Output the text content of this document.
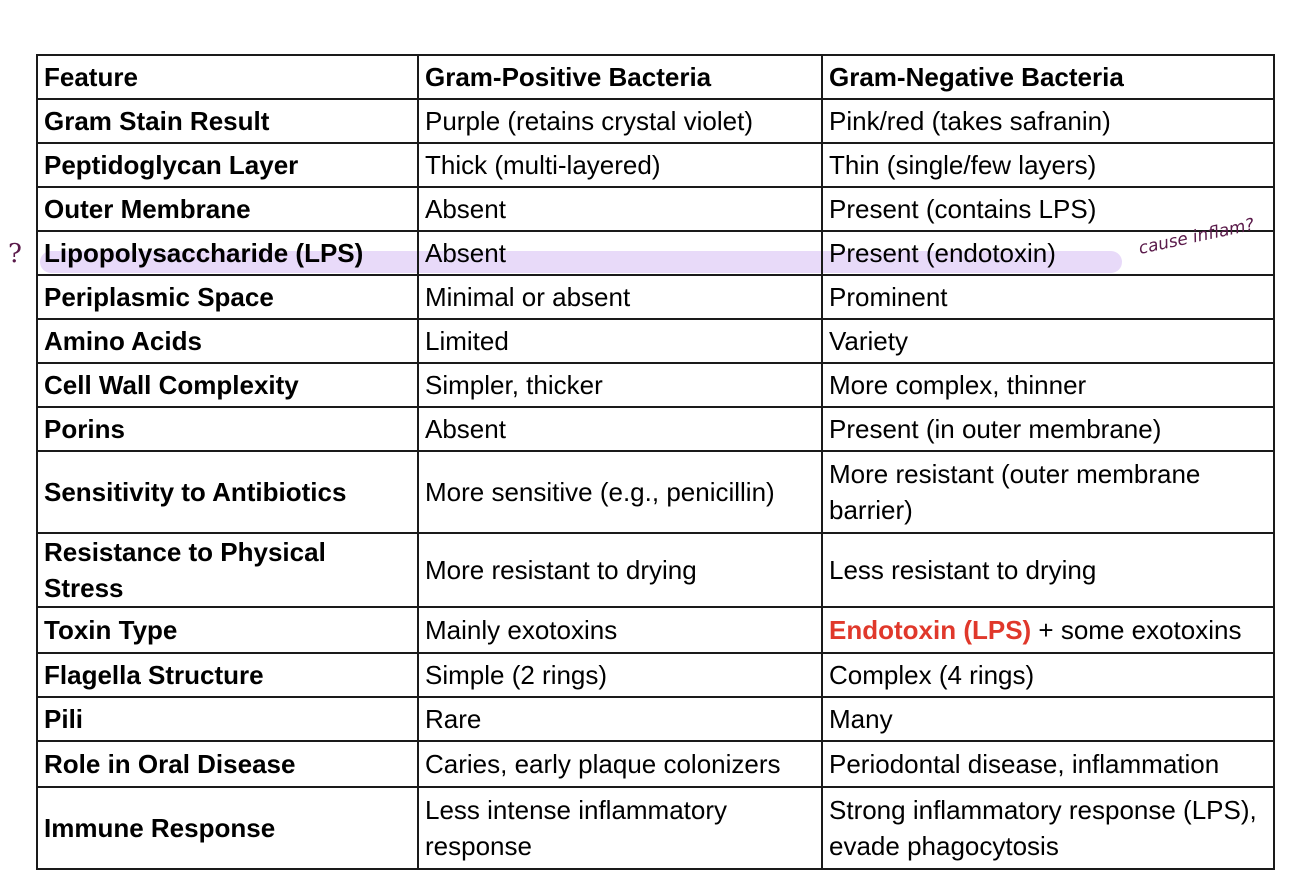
Feature	Gram-Positive Bacteria	Gram-Negative Bacteria
Gram Stain Result	Purple (retains crystal violet)	Pink/red (takes safranin)
Peptidoglycan Layer	Thick (multi-layered)	Thin (single/few layers)
Outer Membrane	Absent	Present (contains LPS)
Lipopolysaccharide (LPS)	Absent	Present (endotoxin)
Periplasmic Space	Minimal or absent	Prominent
Amino Acids	Limited	Variety
Cell Wall Complexity	Simpler, thicker	More complex, thinner
Porins	Absent	Present (in outer membrane)
Sensitivity to Antibiotics	More sensitive (e.g., penicillin)	More resistant (outer membrane barrier)
Resistance to Physical Stress	More resistant to drying	Less resistant to drying
Toxin Type	Mainly exotoxins	Endotoxin (LPS) + some exotoxins
Flagella Structure	Simple (2 rings)	Complex (4 rings)
Pili	Rare	Many
Role in Oral Disease	Caries, early plaque colonizers	Periodontal disease, inflammation
Immune Response	Less intense inflammatory response	Strong inflammatory response (LPS), evade phagocytosis
?	cause inflam?
